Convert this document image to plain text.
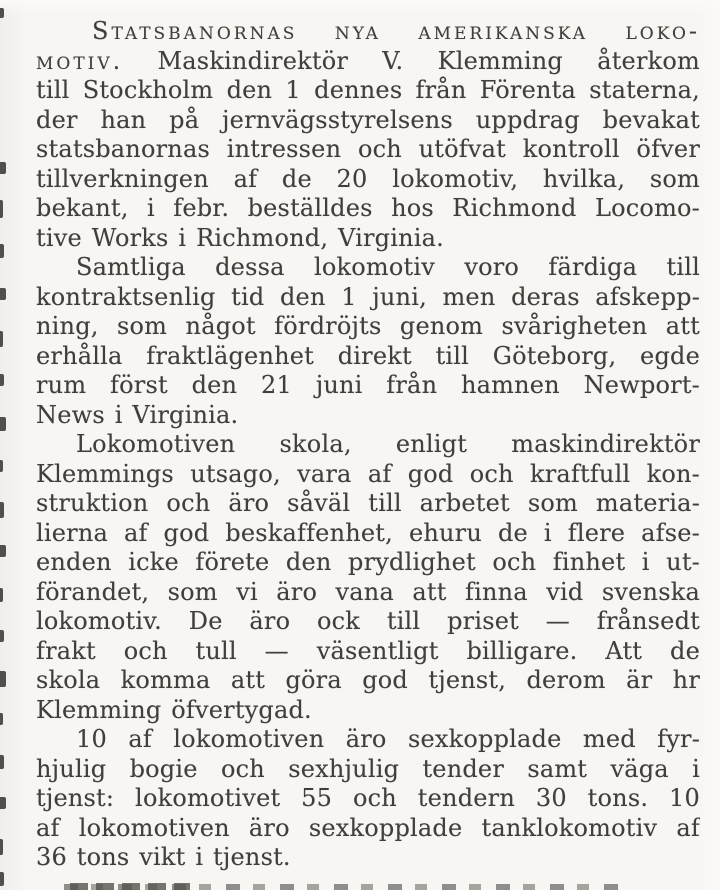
Statsbanornas nya amerikanska loko-
motiv. Maskindirektör V. Klemming återkom
till Stockholm den 1 dennes från Förenta staterna,
der han på jernvägsstyrelsens uppdrag bevakat
statsbanornas intressen och utöfvat kontroll öfver
tillverkningen af de 20 lokomotiv, hvilka, som
bekant, i febr. beställdes hos Richmond Locomo-
tive Works i Richmond, Virginia.
Samtliga dessa lokomotiv voro färdiga till
kontraktsenlig tid den 1 juni, men deras afskepp-
ning, som något fördröjts genom svårigheten att
erhålla fraktlägenhet direkt till Göteborg, egde
rum först den 21 juni från hamnen Newport-
News i Virginia.
Lokomotiven skola, enligt maskindirektör
Klemmings utsago, vara af god och kraftfull kon-
struktion och äro såväl till arbetet som materia-
lierna af god beskaffenhet, ehuru de i flere afse-
enden icke förete den prydlighet och finhet i ut-
förandet, som vi äro vana att finna vid svenska
lokomotiv. De äro ock till priset — frånsedt
frakt och tull — väsentligt billigare. Att de
skola komma att göra god tjenst, derom är hr
Klemming öfvertygad.
10 af lokomotiven äro sexkopplade med fyr-
hjulig bogie och sexhjulig tender samt väga i
tjenst: lokomotivet 55 och tendern 30 tons. 10
af lokomotiven äro sexkopplade tanklokomotiv af
36 tons vikt i tjenst.
